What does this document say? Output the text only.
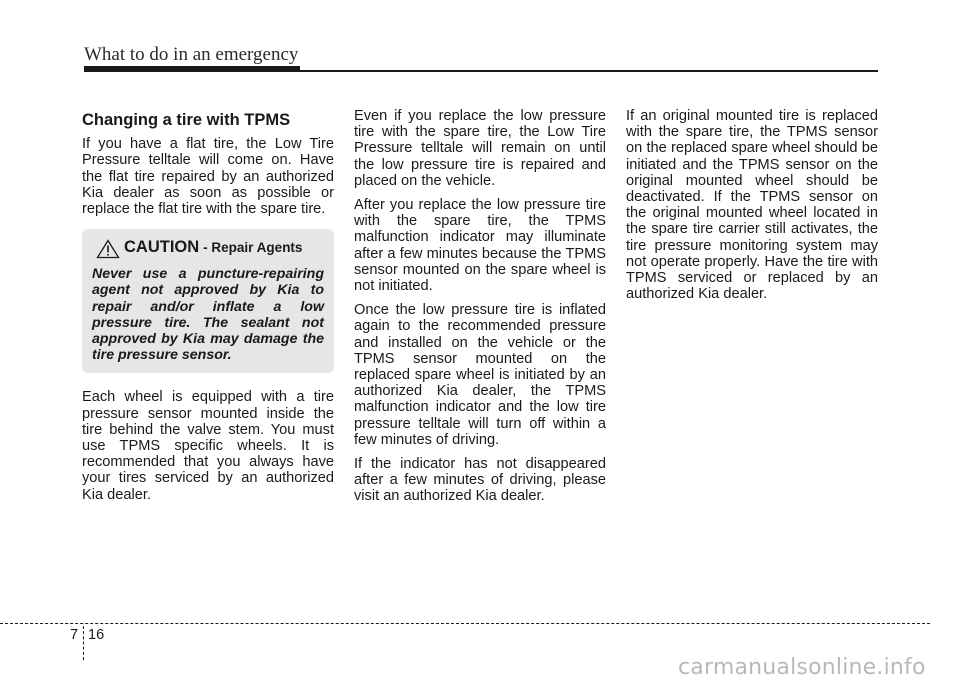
What to do in an emergency
Changing a tire with TPMS

If you have a flat tire, the Low Tire Pressure telltale will come on. Have the flat tire repaired by an authorized Kia dealer as soon as possible or replace the flat tire with the spare tire.

CAUTION - Repair Agents
Never use a puncture-repairing agent not approved by Kia to repair and/or inflate a low pressure tire. The sealant not approved by Kia may damage the tire pressure sensor.

Each wheel is equipped with a tire pressure sensor mounted inside the tire behind the valve stem. You must use TPMS specific wheels. It is recommended that you always have your tires serviced by an authorized Kia dealer.

Even if you replace the low pressure tire with the spare tire, the Low Tire Pressure telltale will remain on until the low pressure tire is repaired and placed on the vehicle.

After you replace the low pressure tire with the spare tire, the TPMS malfunction indicator may illuminate after a few minutes because the TPMS sensor mounted on the spare wheel is not initiated.

Once the low pressure tire is inflated again to the recommended pressure and installed on the vehicle or the TPMS sensor mounted on the replaced spare wheel is initiated by an authorized Kia dealer, the TPMS malfunction indicator and the low tire pressure telltale will turn off within a few minutes of driving.

If the indicator has not disappeared after a few minutes of driving, please visit an authorized Kia dealer.

If an original mounted tire is replaced with the spare tire, the TPMS sensor on the replaced spare wheel should be initiated and the TPMS sensor on the original mounted wheel should be deactivated. If the TPMS sensor on the original mounted wheel located in the spare tire carrier still activates, the tire pressure monitoring system may not operate properly. Have the tire with TPMS serviced or replaced by an authorized Kia dealer.

7 16
carmanualsonline.info
